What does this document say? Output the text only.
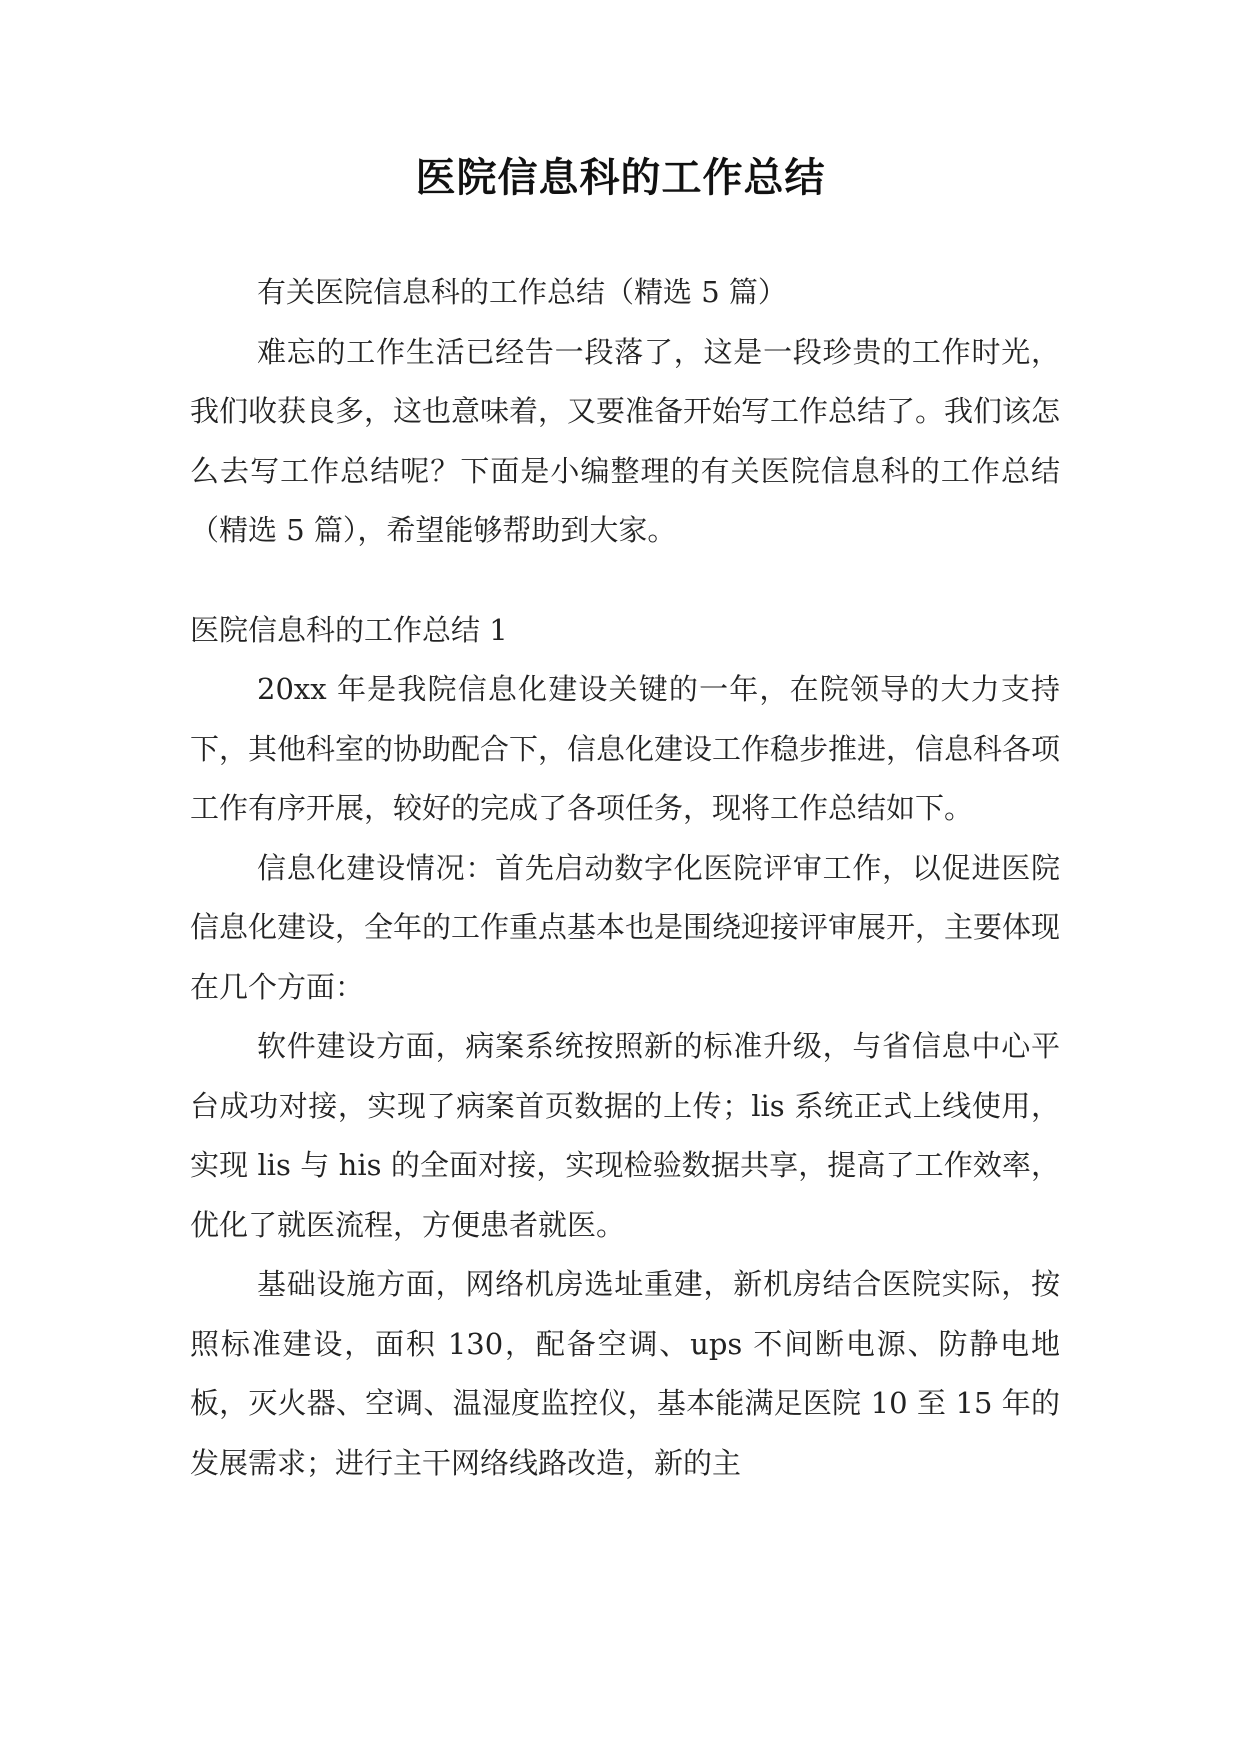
医院信息科的工作总结

有关医院信息科的工作总结（精选 5 篇）

难忘的工作生活已经告一段落了，这是一段珍贵的工作时光，我们收获良多，这也意味着，又要准备开始写工作总结了。我们该怎么去写工作总结呢？下面是小编整理的有关医院信息科的工作总结（精选 5 篇），希望能够帮助到大家。

医院信息科的工作总结 1

20xx 年是我院信息化建设关键的一年，在院领导的大力支持下，其他科室的协助配合下，信息化建设工作稳步推进，信息科各项工作有序开展，较好的完成了各项任务，现将工作总结如下。

信息化建设情况：首先启动数字化医院评审工作，以促进医院信息化建设，全年的工作重点基本也是围绕迎接评审展开，主要体现在几个方面：

软件建设方面，病案系统按照新的标准升级，与省信息中心平台成功对接，实现了病案首页数据的上传；lis 系统正式上线使用，实现 lis 与 his 的全面对接，实现检验数据共享，提高了工作效率，优化了就医流程，方便患者就医。

基础设施方面，网络机房选址重建，新机房结合医院实际，按照标准建设，面积 130，配备空调、ups 不间断电源、防静电地板，灭火器、空调、温湿度监控仪，基本能满足医院 10 至 15 年的发展需求；进行主干网络线路改造，新的主
